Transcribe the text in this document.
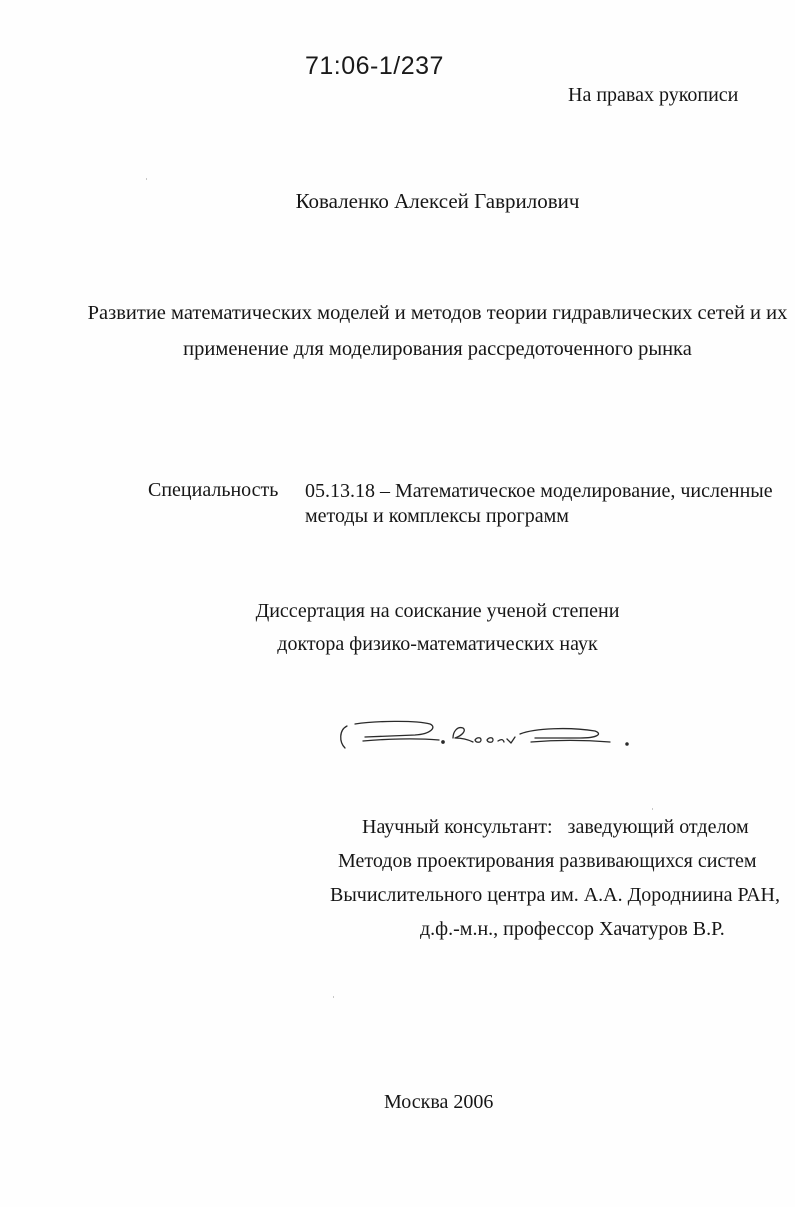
71:06-1/237
На правах рукописи
Коваленко Алексей Гаврилович
Развитие математических моделей и методов теории гидравлических сетей и их
применение для моделирования рассредоточенного рынка
Специальность 05.13.18 – Математическое моделирование, численные
методы и комплексы программ
Диссертация на соискание ученой степени
доктора физико-математических наук
Научный консультант: заведующий отделом
Методов проектирования развивающихся систем
Вычислительного центра им. А.А. Дородниина РАН,
д.ф.-м.н., профессор Хачатуров В.Р.
Москва 2006
